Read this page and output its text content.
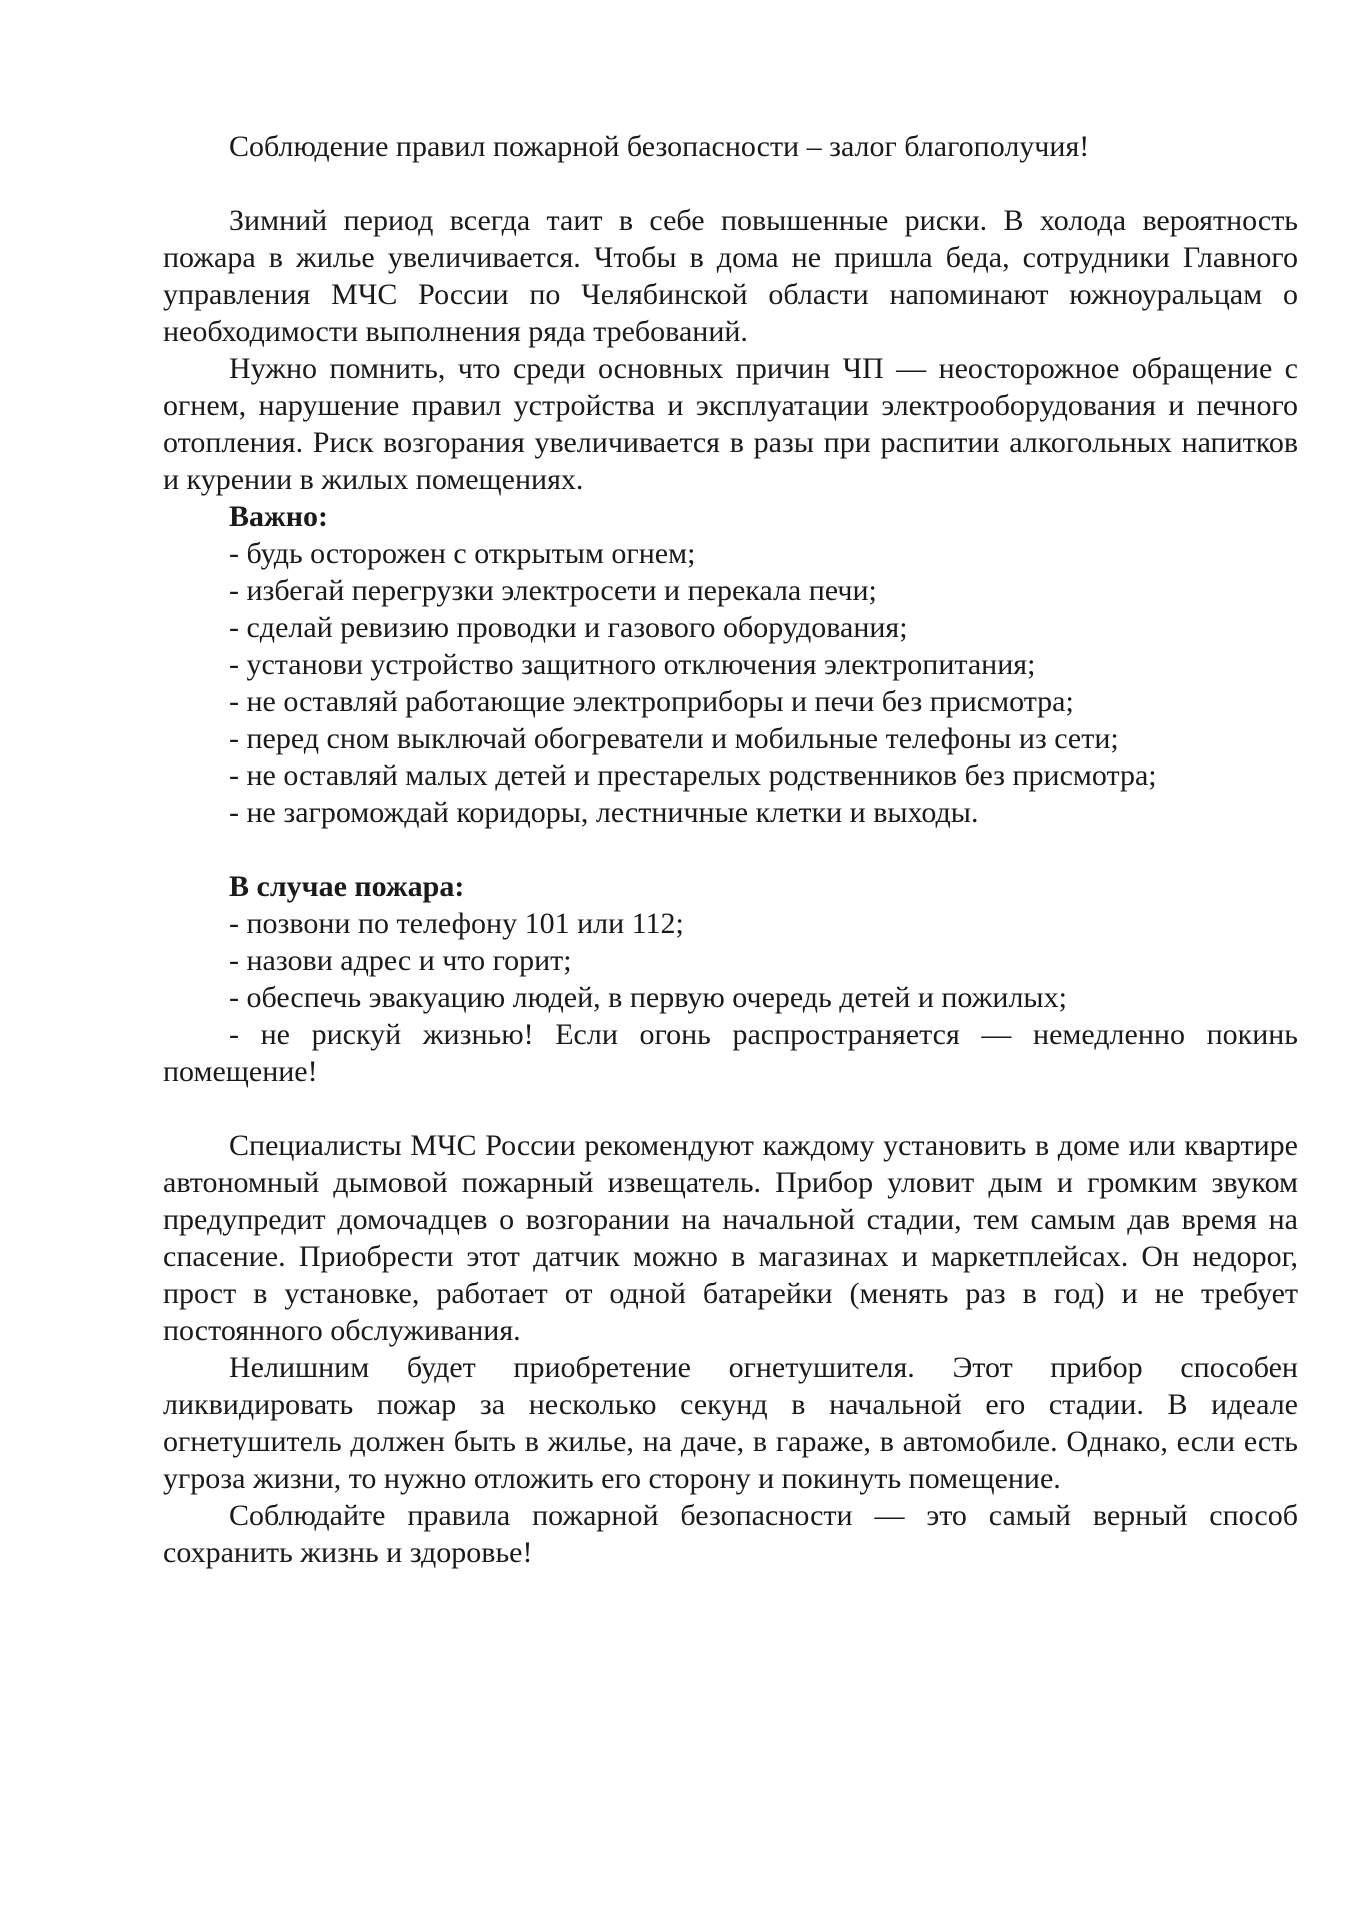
Соблюдение правил пожарной безопасности – залог благополучия!

Зимний период всегда таит в себе повышенные риски. В холода вероятность пожара в жилье увеличивается. Чтобы в дома не пришла беда, сотрудники Главного управления МЧС России по Челябинской области напоминают южноуральцам о необходимости выполнения ряда требований.

Нужно помнить, что среди основных причин ЧП — неосторожное обращение с огнем, нарушение правил устройства и эксплуатации электрооборудования и печного отопления. Риск возгорания увеличивается в разы при распитии алкогольных напитков и курении в жилых помещениях.

Важно:

- будь осторожен с открытым огнем;
- избегай перегрузки электросети и перекала печи;
- сделай ревизию проводки и газового оборудования;
- установи устройство защитного отключения электропитания;
- не оставляй работающие электроприборы и печи без присмотра;
- перед сном выключай обогреватели и мобильные телефоны из сети;
- не оставляй малых детей и престарелых родственников без присмотра;
- не загромождай коридоры, лестничные клетки и выходы.

В случае пожара:

- позвони по телефону 101 или 112;
- назови адрес и что горит;
- обеспечь эвакуацию людей, в первую очередь детей и пожилых;
- не рискуй жизнью! Если огонь распространяется — немедленно покинь помещение!

Специалисты МЧС России рекомендуют каждому установить в доме или квартире автономный дымовой пожарный извещатель. Прибор уловит дым и громким звуком предупредит домочадцев о возгорании на начальной стадии, тем самым дав время на спасение. Приобрести этот датчик можно в магазинах и маркетплейсах. Он недорог, прост в установке, работает от одной батарейки (менять раз в год) и не требует постоянного обслуживания.

Нелишним будет приобретение огнетушителя. Этот прибор способен ликвидировать пожар за несколько секунд в начальной его стадии. В идеале огнетушитель должен быть в жилье, на даче, в гараже, в автомобиле. Однако, если есть угроза жизни, то нужно отложить его сторону и покинуть помещение.

Соблюдайте правила пожарной безопасности — это самый верный способ сохранить жизнь и здоровье!
